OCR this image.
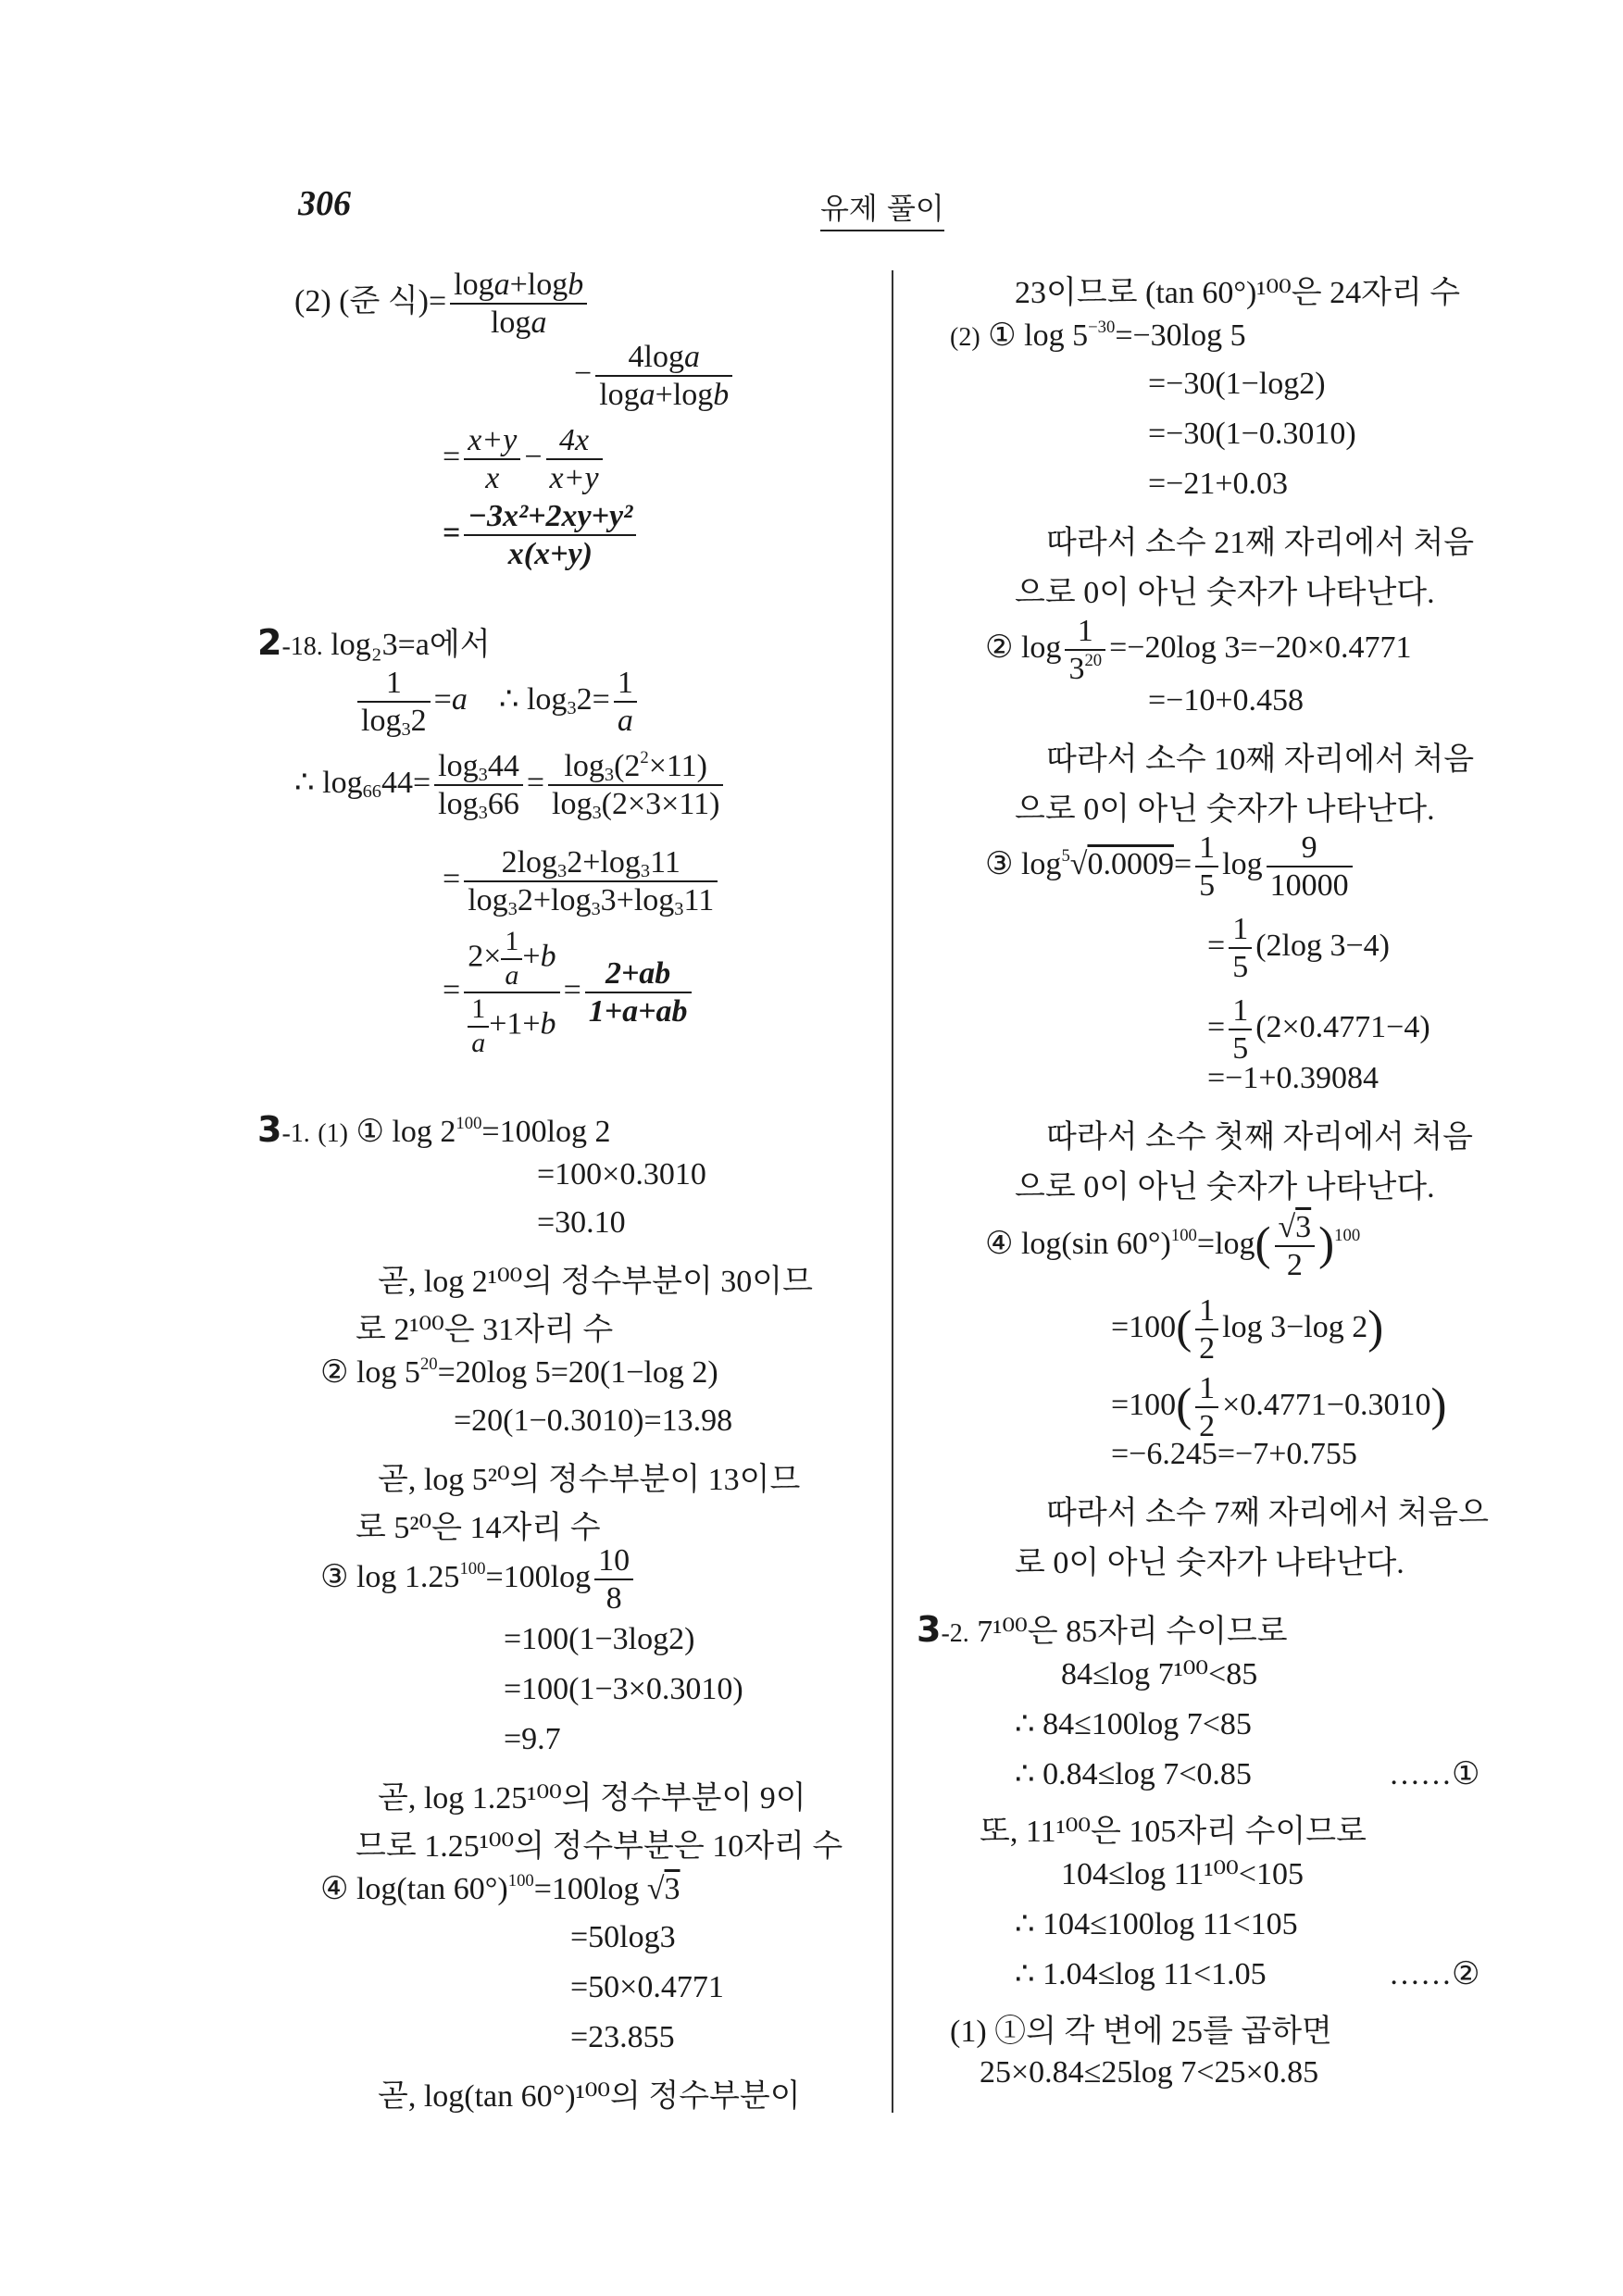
306	유제 풀이
(2) (준 식)= $\frac{\log a+\log b}{\log a}$
− $\frac{4\log a}{\log a+\log b}$
= $\frac{x+y}{x} - \frac{4x}{x+y}$
= $\frac{\text{−3x²+2xy+y²}}{x(x+y)}$
2-18. log₂3=a에서
$\frac{1}{\log_32} =a$    ∴ $\log_32= \frac{1}{a}$
∴ $\log_{66}44= \frac{\log_344}{\log_366} = \frac{\log_3(2^2\times 11)}{\log_3(2\times 3\times 11)}$
= $\frac{2\log_32+\log_311}{\log_32+\log_33+\log_311}$
= $\frac{2\times \frac{1}{a} +b}{\frac{1}{a} +1+b} = \frac{2+ab}{1+a+ab}$
3-1. (1) ① $\log 2^{100}=100\log$ 2
=100×0.3010
=30.10
곧, log 2¹⁰⁰의 정수부분이 30이므
로 2¹⁰⁰은 31자리 수
② $\log 5^{20}=20\log$ 5=20(1−log 2)
=20(1−0.3010)=13.98
곧, log 5²⁰의 정수부분이 13이므
로 5²⁰은 14자리 수
③ $\log 1.25^{100}=100\log \frac{10}{8}$
=100(1−3log2)
=100(1−3×0.3010)
=9.7
곧, log 1.25¹⁰⁰의 정수부분이 9이
므로 1.25¹⁰⁰의 정수부분은 10자리 수
④ log(tan 60°)$^{100}$=100log √3
=50log3
=50×0.4771
=23.855
곧, log(tan 60°)¹⁰⁰의 정수부분이
23이므로 (tan 60°)¹⁰⁰은 24자리 수
(2) ① $\log 5^{-30}=-30\log$ 5
=−30(1−log2)
=−30(1−0.3010)
=−21+0.03
따라서 소수 21째 자리에서 처음
으로 0이 아닌 숫자가 나타난다.
② $\log \frac{1}{3^{20}} =-20\log$ 3=−20×0.4771
=−10+0.458
따라서 소수 10째 자리에서 처음
으로 0이 아닌 숫자가 나타난다.
③ $\log^5√0.0009= \frac{1}{5}$ $\log \frac{9}{10000}$
= $\frac{1}{5} (2\log$ 3−4)
= $\frac{1}{5} (2\times 0.4771-4)$
=−1+0.39084
따라서 소수 첫째 자리에서 처음
으로 0이 아닌 숫자가 나타난다.
④ log(sin $60^\circ)^{100}=\log( \frac{√3}{2} )^{100}$
$=100( \frac{1}{2}$ log 3−log 2)
$=100( \frac{1}{2} \times 0.4771-0.3010)$
=−6.245=−7+0.755
따라서 소수 7째 자리에서 처음으
로 0이 아닌 숫자가 나타난다.
3-2. 7¹⁰⁰은 85자리 수이므로
84≤log 7¹⁰⁰<85
∴ 84≤100log 7<85
∴ 0.84≤log 7<0.85	……①
또, 11¹⁰⁰은 105자리 수이므로
104≤log 11¹⁰⁰<105
∴ 104≤100log 11<105
∴ 1.04≤log 11<1.05	……②
(1) ①의 각 변에 25를 곱하면
25×0.84≤25log 7<25×0.85
